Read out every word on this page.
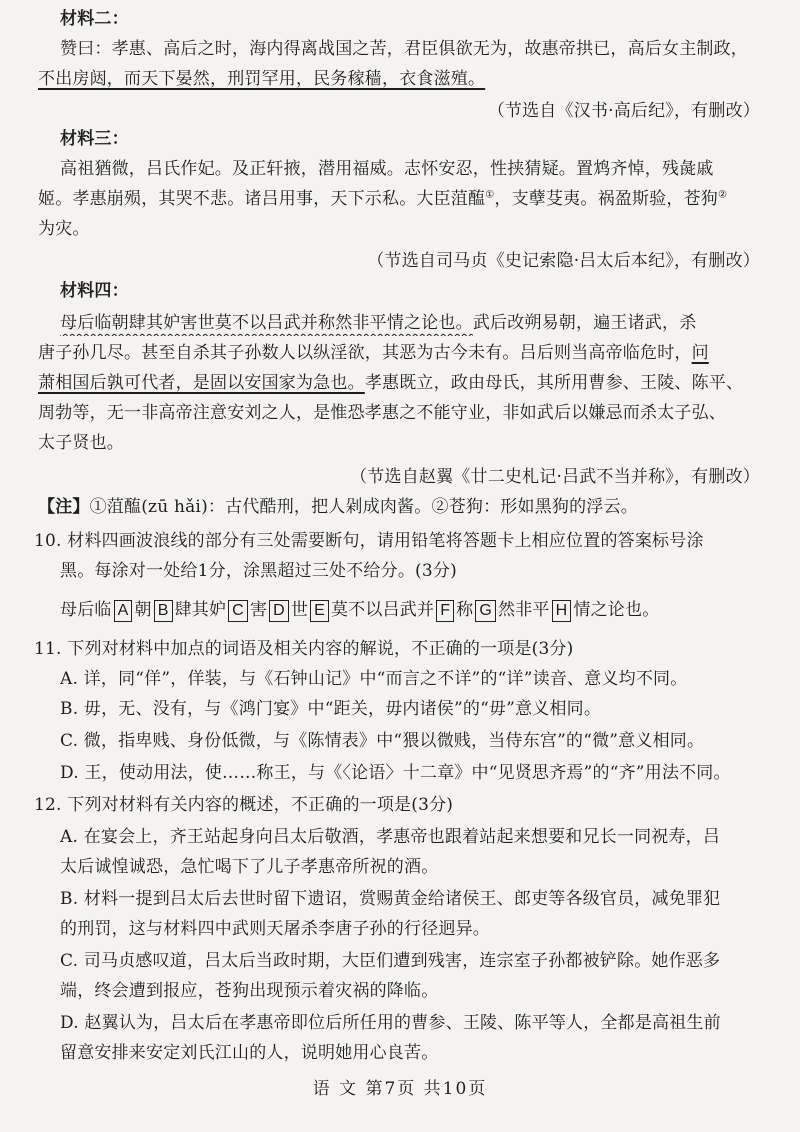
材料二：
赞曰：孝惠、高后之时，海内得离战国之苦，君臣俱欲无为，故惠帝拱已，高后女主制政，
不出房闼，而天下晏然，刑罚罕用，民务稼穑，衣食滋殖。
（节选自《汉书·高后纪》，有删改）
材料三：
高祖猶微，吕氏作妃。及正轩掖，潜用福威。志怀安忍，性挟猜疑。置鸩齐悼，残彘戚
姬。孝惠崩殒，其哭不悲。诸吕用事，天下示私。大臣菹醢①，支孽芟夷。祸盈斯验，苍狗②
为灾。
（节选自司马贞《史记索隐·吕太后本纪》，有删改）
材料四：
母后临朝肆其妒害世莫不以吕武并称然非平情之论也。武后改朔易朝，遍王诸武，杀
唐子孙几尽。甚至自杀其子孙数人以纵淫欲，其恶为古今未有。吕后则当高帝临危时，问
萧相国后孰可代者，是固以安国家为急也。孝惠既立，政由母氏，其所用曹参、王陵、陈平、
周勃等，无一非高帝注意安刘之人，是惟恐孝惠之不能守业，非如武后以嫌忌而杀太子弘、
太子贤也。
（节选自赵翼《廿二史札记·吕武不当并称》，有删改）
【注】①菹醢(zū hǎi)：古代酷刑，把人剁成肉酱。②苍狗：形如黑狗的浮云。
10. 材料四画波浪线的部分有三处需要断句，请用铅笔将答题卡上相应位置的答案标号涂
黑。每涂对一处给1分，涂黑超过三处不给分。(3分)
母后临 A 朝 B 肆其妒 C 害 D 世 E 莫不以吕武并 F 称 G 然非平 H 情之论也。
11. 下列对材料中加点的词语及相关内容的解说，不正确的一项是(3分)
A. 详，同“佯”，佯装，与《石钟山记》中“而言之不详”的“详”读音、意义均不同。
B. 毋，无、没有，与《鸿门宴》中“距关，毋内诸侯”的“毋”意义相同。
C. 微，指卑贱、身份低微，与《陈情表》中“猥以微贱，当侍东宫”的“微”意义相同。
D. 王，使动用法，使……称王，与《〈论语〉十二章》中“见贤思齐焉”的“齐”用法不同。
12. 下列对材料有关内容的概述，不正确的一项是(3分)
A. 在宴会上，齐王站起身向吕太后敬酒，孝惠帝也跟着站起来想要和兄长一同祝寿，吕
太后诚惶诚恐，急忙喝下了儿子孝惠帝所祝的酒。
B. 材料一提到吕太后去世时留下遗诏，赏赐黄金给诸侯王、郎吏等各级官员，减免罪犯
的刑罚，这与材料四中武则天屠杀李唐子孙的行径迥异。
C. 司马贞感叹道，吕太后当政时期，大臣们遭到残害，连宗室子孙都被铲除。她作恶多
端，终会遭到报应，苍狗出现预示着灾祸的降临。
D. 赵翼认为，吕太后在孝惠帝即位后所任用的曹参、王陵、陈平等人，全都是高祖生前
留意安排来安定刘氏江山的人，说明她用心良苦。
语 文 第7页 共10页
